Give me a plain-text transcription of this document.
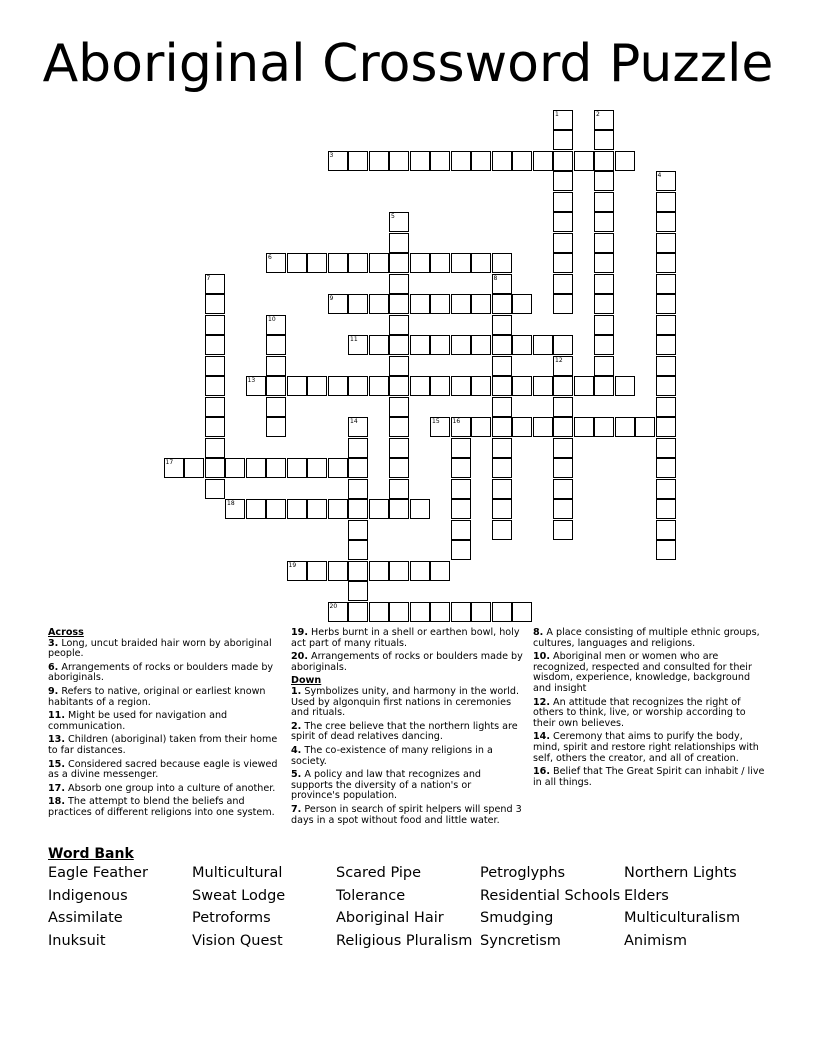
Aboriginal Crossword Puzzle
1	2
3
4
5
6
7	8
9
10
11
12
13
14	15 16
17
18
19
20
Across
3. Long, uncut braided hair worn by aboriginal people.
6. Arrangements of rocks or boulders made by aboriginals.
9. Refers to native, original or earliest known habitants of a region.
11. Might be used for navigation and communication.
13. Children (aboriginal) taken from their home to far distances.
15. Considered sacred because eagle is viewed as a divine messenger.
17. Absorb one group into a culture of another.
18. The attempt to blend the beliefs and practices of different religions into one system.
19. Herbs burnt in a shell or earthen bowl, holy act part of many rituals.
20. Arrangements of rocks or boulders made by aboriginals.
Down
1. Symbolizes unity, and harmony in the world. Used by algonquin first nations in ceremonies and rituals.
2. The cree believe that the northern lights are spirit of dead relatives dancing.
4. The co-existence of many religions in a society.
5. A policy and law that recognizes and supports the diversity of a nation's or province's population.
7. Person in search of spirit helpers will spend 3 days in a spot without food and little water.
8. A place consisting of multiple ethnic groups, cultures, languages and religions.
10. Aboriginal men or women who are recognized, respected and consulted for their wisdom, experience, knowledge, background and insight
12. An attitude that recognizes the right of others to think, live, or worship according to their own believes.
14. Ceremony that aims to purify the body, mind, spirit and restore right relationships with self, others the creator, and all of creation.
16. Belief that The Great Spirit can inhabit / live in all things.
Word Bank
Eagle Feather	Multicultural	Scared Pipe	Petroglyphs	Northern Lights
Indigenous	Sweat Lodge	Tolerance	Residential Schools Elders
Assimilate	Petroforms	Aboriginal Hair	Smudging	Multiculturalism
Inuksuit	Vision Quest	Religious Pluralism Syncretism	Animism
